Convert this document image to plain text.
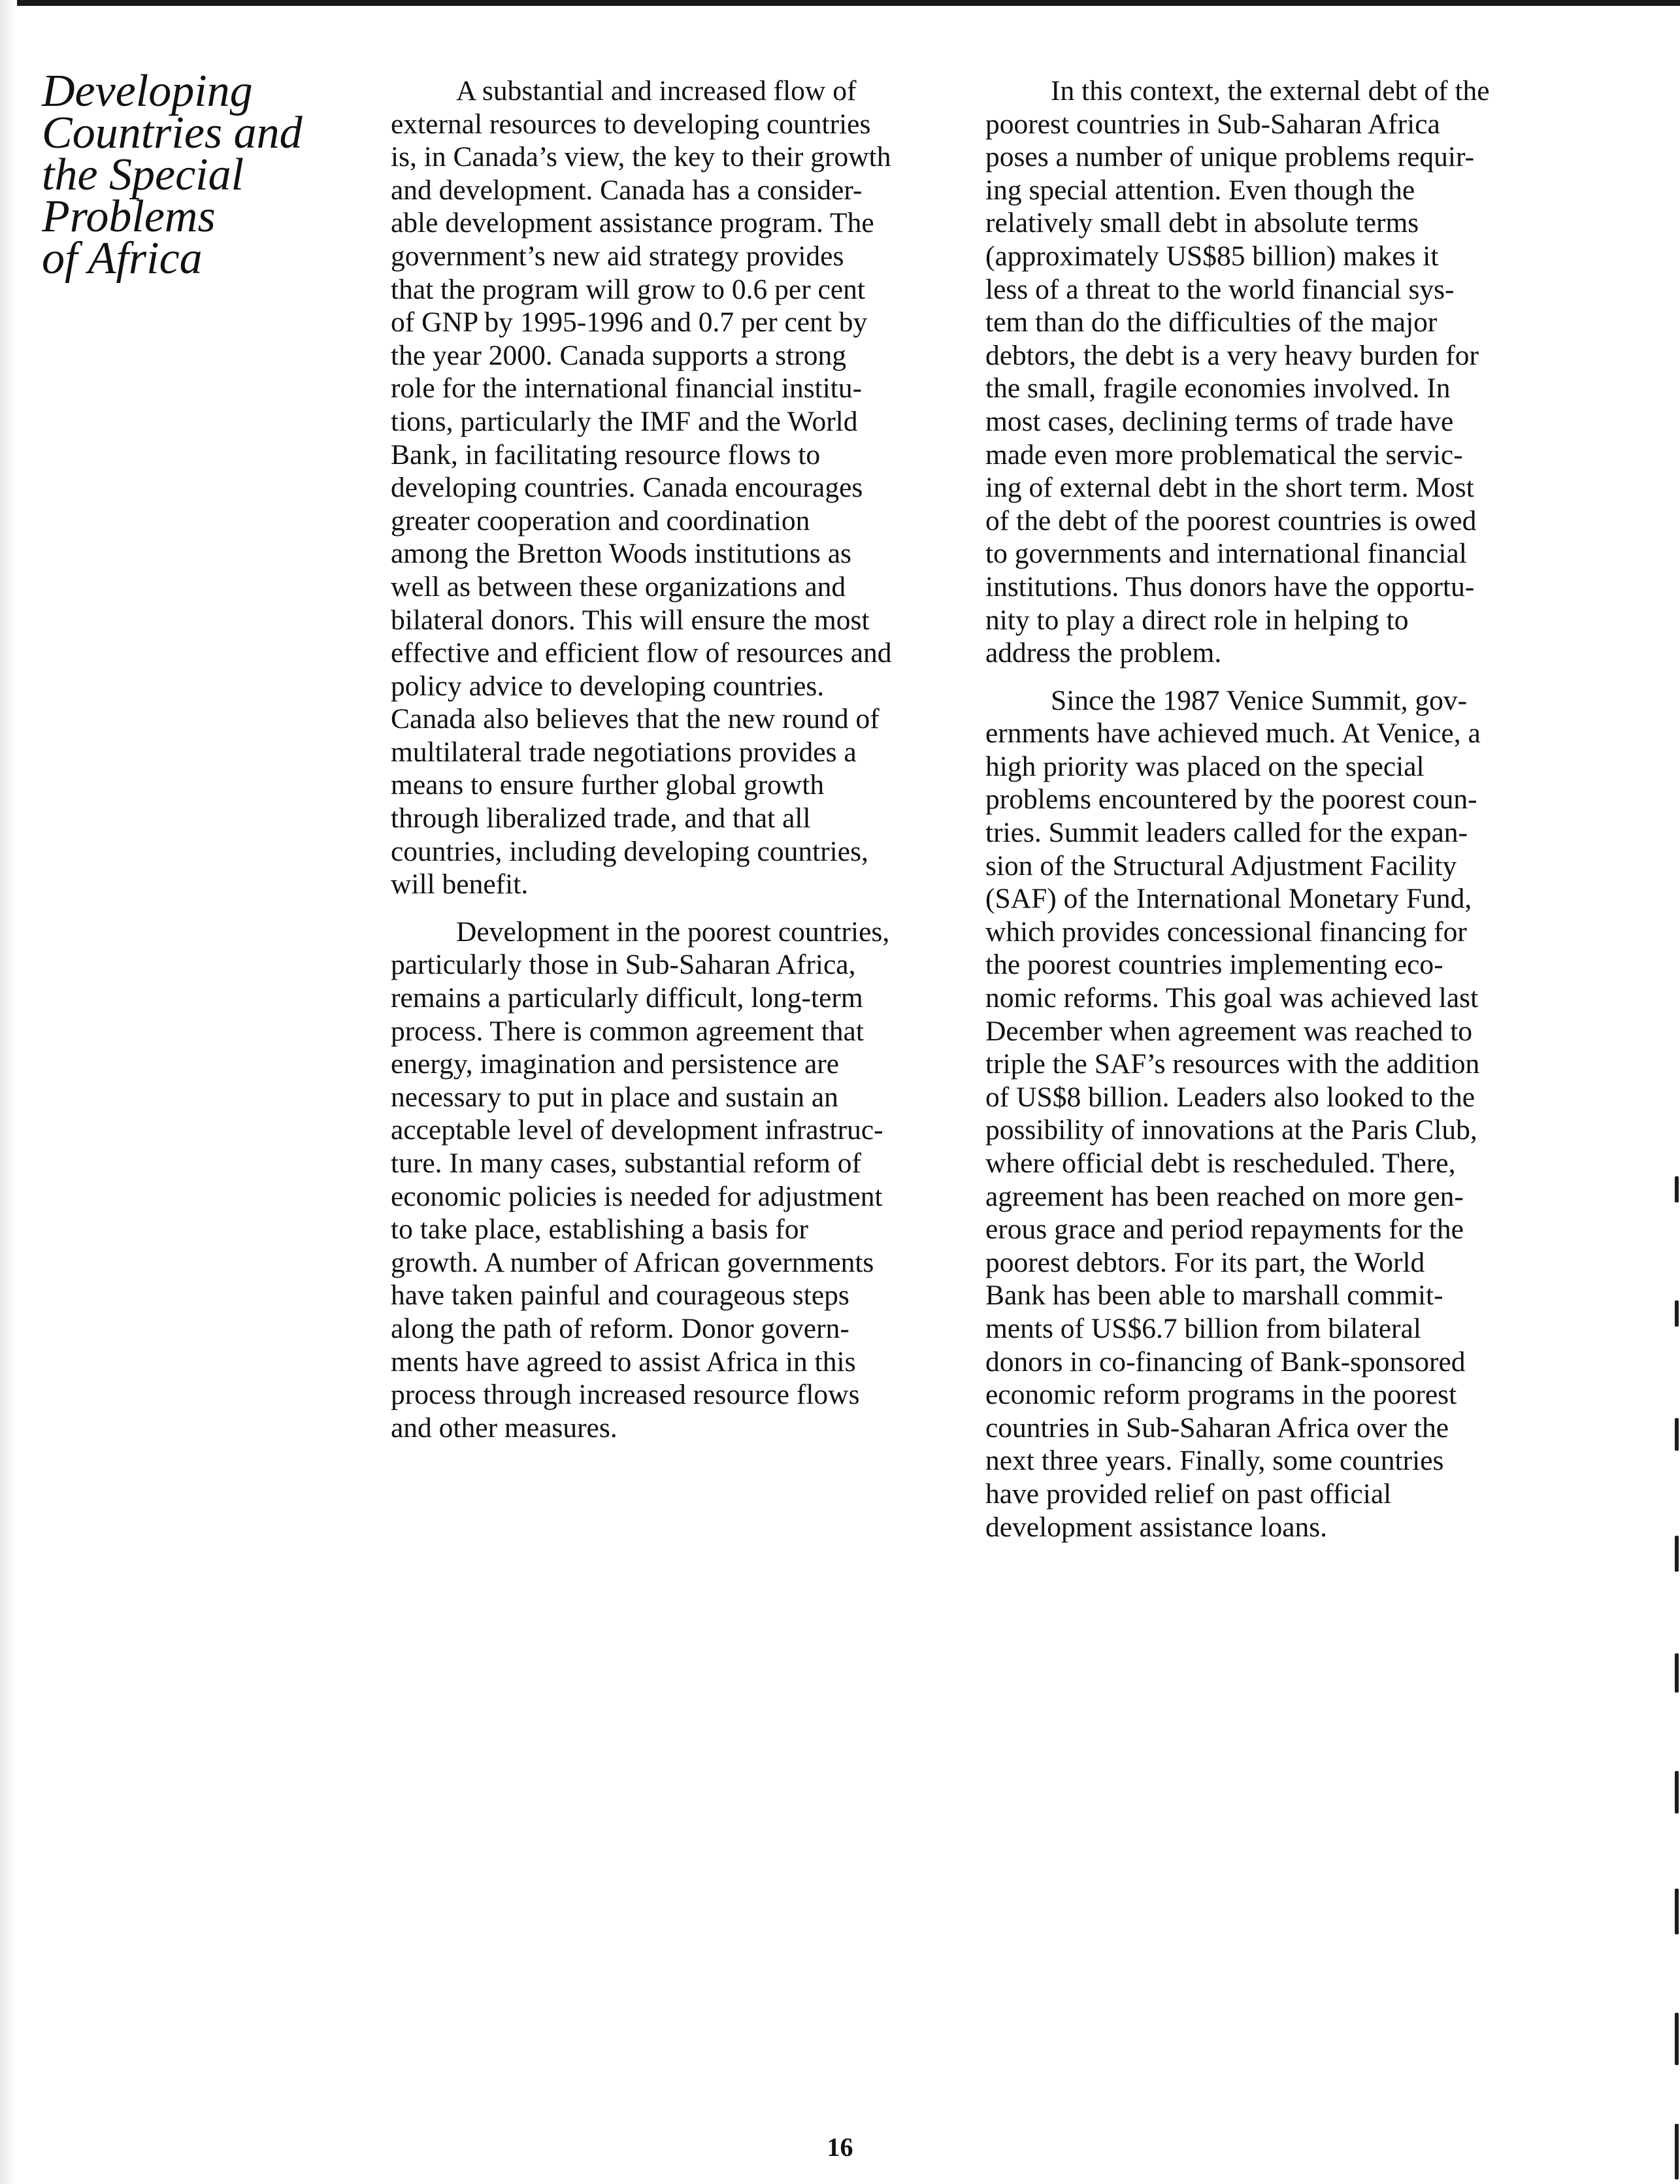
Developing
Countries and
the Special
Problems
of Africa

A substantial and increased flow of
external resources to developing countries
is, in Canada’s view, the key to their growth
and development. Canada has a consider-
able development assistance program. The
government’s new aid strategy provides
that the program will grow to 0.6 per cent
of GNP by 1995-1996 and 0.7 per cent by
the year 2000. Canada supports a strong
role for the international financial institu-
tions, particularly the IMF and the World
Bank, in facilitating resource flows to
developing countries. Canada encourages
greater cooperation and coordination
among the Bretton Woods institutions as
well as between these organizations and
bilateral donors. This will ensure the most
effective and efficient flow of resources and
policy advice to developing countries.
Canada also believes that the new round of
multilateral trade negotiations provides a
means to ensure further global growth
through liberalized trade, and that all
countries, including developing countries,
will benefit.

Development in the poorest countries,
particularly those in Sub-Saharan Africa,
remains a particularly difficult, long-term
process. There is common agreement that
energy, imagination and persistence are
necessary to put in place and sustain an
acceptable level of development infrastruc-
ture. In many cases, substantial reform of
economic policies is needed for adjustment
to take place, establishing a basis for
growth. A number of African governments
have taken painful and courageous steps
along the path of reform. Donor govern-
ments have agreed to assist Africa in this
process through increased resource flows
and other measures.

In this context, the external debt of the
poorest countries in Sub-Saharan Africa
poses a number of unique problems requir-
ing special attention. Even though the
relatively small debt in absolute terms
(approximately US$85 billion) makes it
less of a threat to the world financial sys-
tem than do the difficulties of the major
debtors, the debt is a very heavy burden for
the small, fragile economies involved. In
most cases, declining terms of trade have
made even more problematical the servic-
ing of external debt in the short term. Most
of the debt of the poorest countries is owed
to governments and international financial
institutions. Thus donors have the opportu-
nity to play a direct role in helping to
address the problem.

Since the 1987 Venice Summit, gov-
ernments have achieved much. At Venice, a
high priority was placed on the special
problems encountered by the poorest coun-
tries. Summit leaders called for the expan-
sion of the Structural Adjustment Facility
(SAF) of the International Monetary Fund,
which provides concessional financing for
the poorest countries implementing eco-
nomic reforms. This goal was achieved last
December when agreement was reached to
triple the SAF’s resources with the addition
of US$8 billion. Leaders also looked to the
possibility of innovations at the Paris Club,
where official debt is rescheduled. There,
agreement has been reached on more gen-
erous grace and period repayments for the
poorest debtors. For its part, the World
Bank has been able to marshall commit-
ments of US$6.7 billion from bilateral
donors in co-financing of Bank-sponsored
economic reform programs in the poorest
countries in Sub-Saharan Africa over the
next three years. Finally, some countries
have provided relief on past official
development assistance loans.

16
